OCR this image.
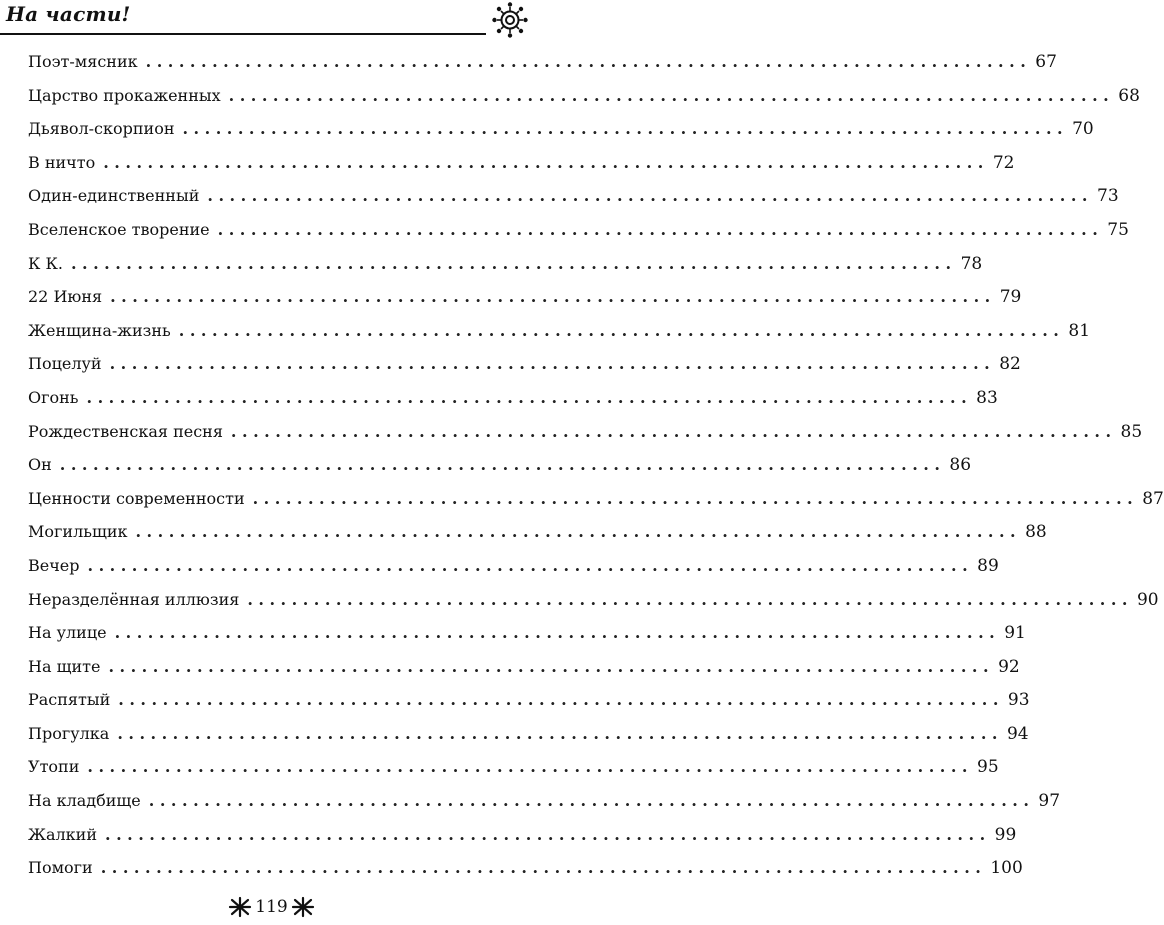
На части!
Поэт-мясник ................................................................................ 67
Царство прокаженных ................................................................................ 68
Дьявол-скорпион ................................................................................ 70
В ничто ................................................................................ 72
Один-единственный ................................................................................ 73
Вселенское творение ................................................................................ 75
К К. ................................................................................ 78
22 Июня ................................................................................ 79
Женщина-жизнь ................................................................................ 81
Поцелуй ................................................................................ 82
Огонь ................................................................................ 83
Рождественская песня ................................................................................ 85
Он ................................................................................ 86
Ценности современности ................................................................................ 87
Могильщик ................................................................................ 88
Вечер ................................................................................ 89
Неразделённая иллюзия ................................................................................ 90
На улице ................................................................................ 91
На щите ................................................................................ 92
Распятый ................................................................................ 93
Прогулка ................................................................................ 94
Утопи ................................................................................ 95
На кладбище ................................................................................ 97
Жалкий ................................................................................ 99
Помоги ................................................................................ 100
119
